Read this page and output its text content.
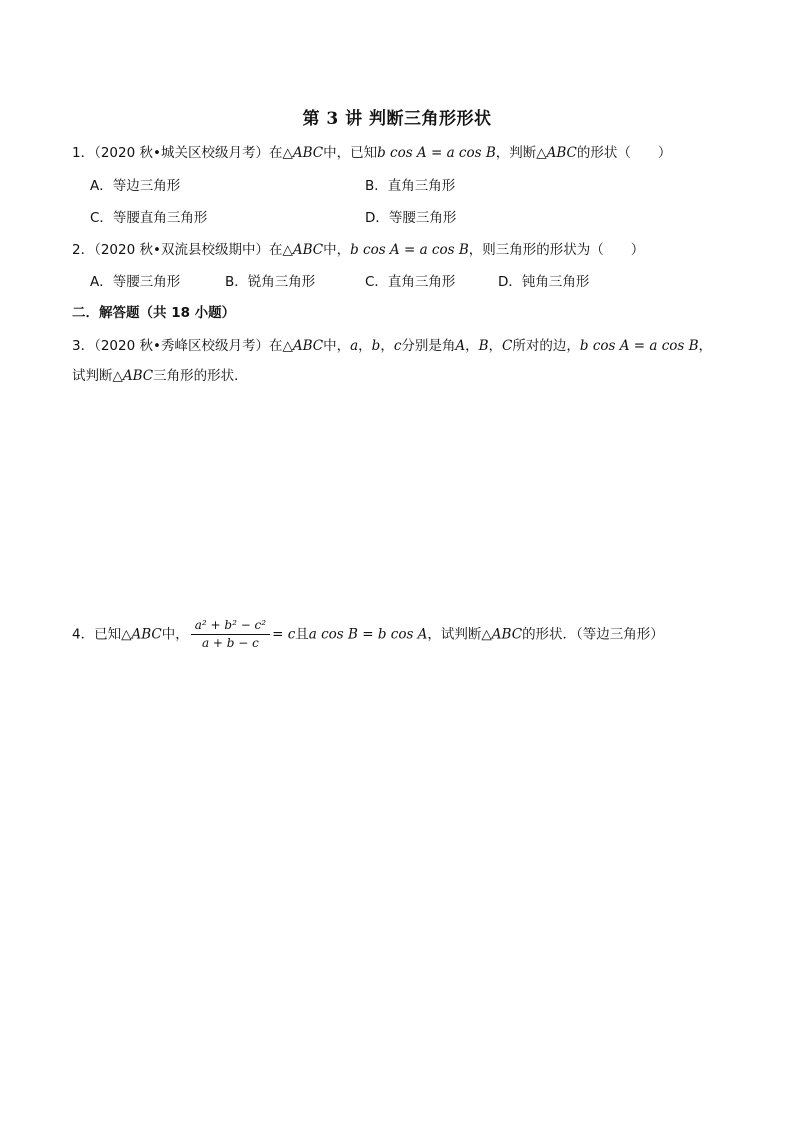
第 3 讲 判断三角形形状
1．（2020 秋•城关区校级月考）在△ABC中，已知b cos A = a cos B，判断△ABC的形状（　　）
A．等边三角形	B．直角三角形
C．等腰直角三角形	D．等腰三角形
2．（2020 秋•双流县校级期中）在△ABC中，b cos A = a cos B，则三角形的形状为（　　）
A．等腰三角形	B．锐角三角形	C．直角三角形	D．钝角三角形
二．解答题（共 18 小题）
3．（2020 秋•秀峰区校级月考）在△ABC中，a，b，c分别是角A，B，C所对的边，b cos A = a cos B，
试判断△ABC三角形的形状．
4．已知△ABC中， $\frac{\text{a² + b² − c²}}{a + b - c} = c$且a cos B = b cos A，试判断△ABC的形状．（等边三角形）
